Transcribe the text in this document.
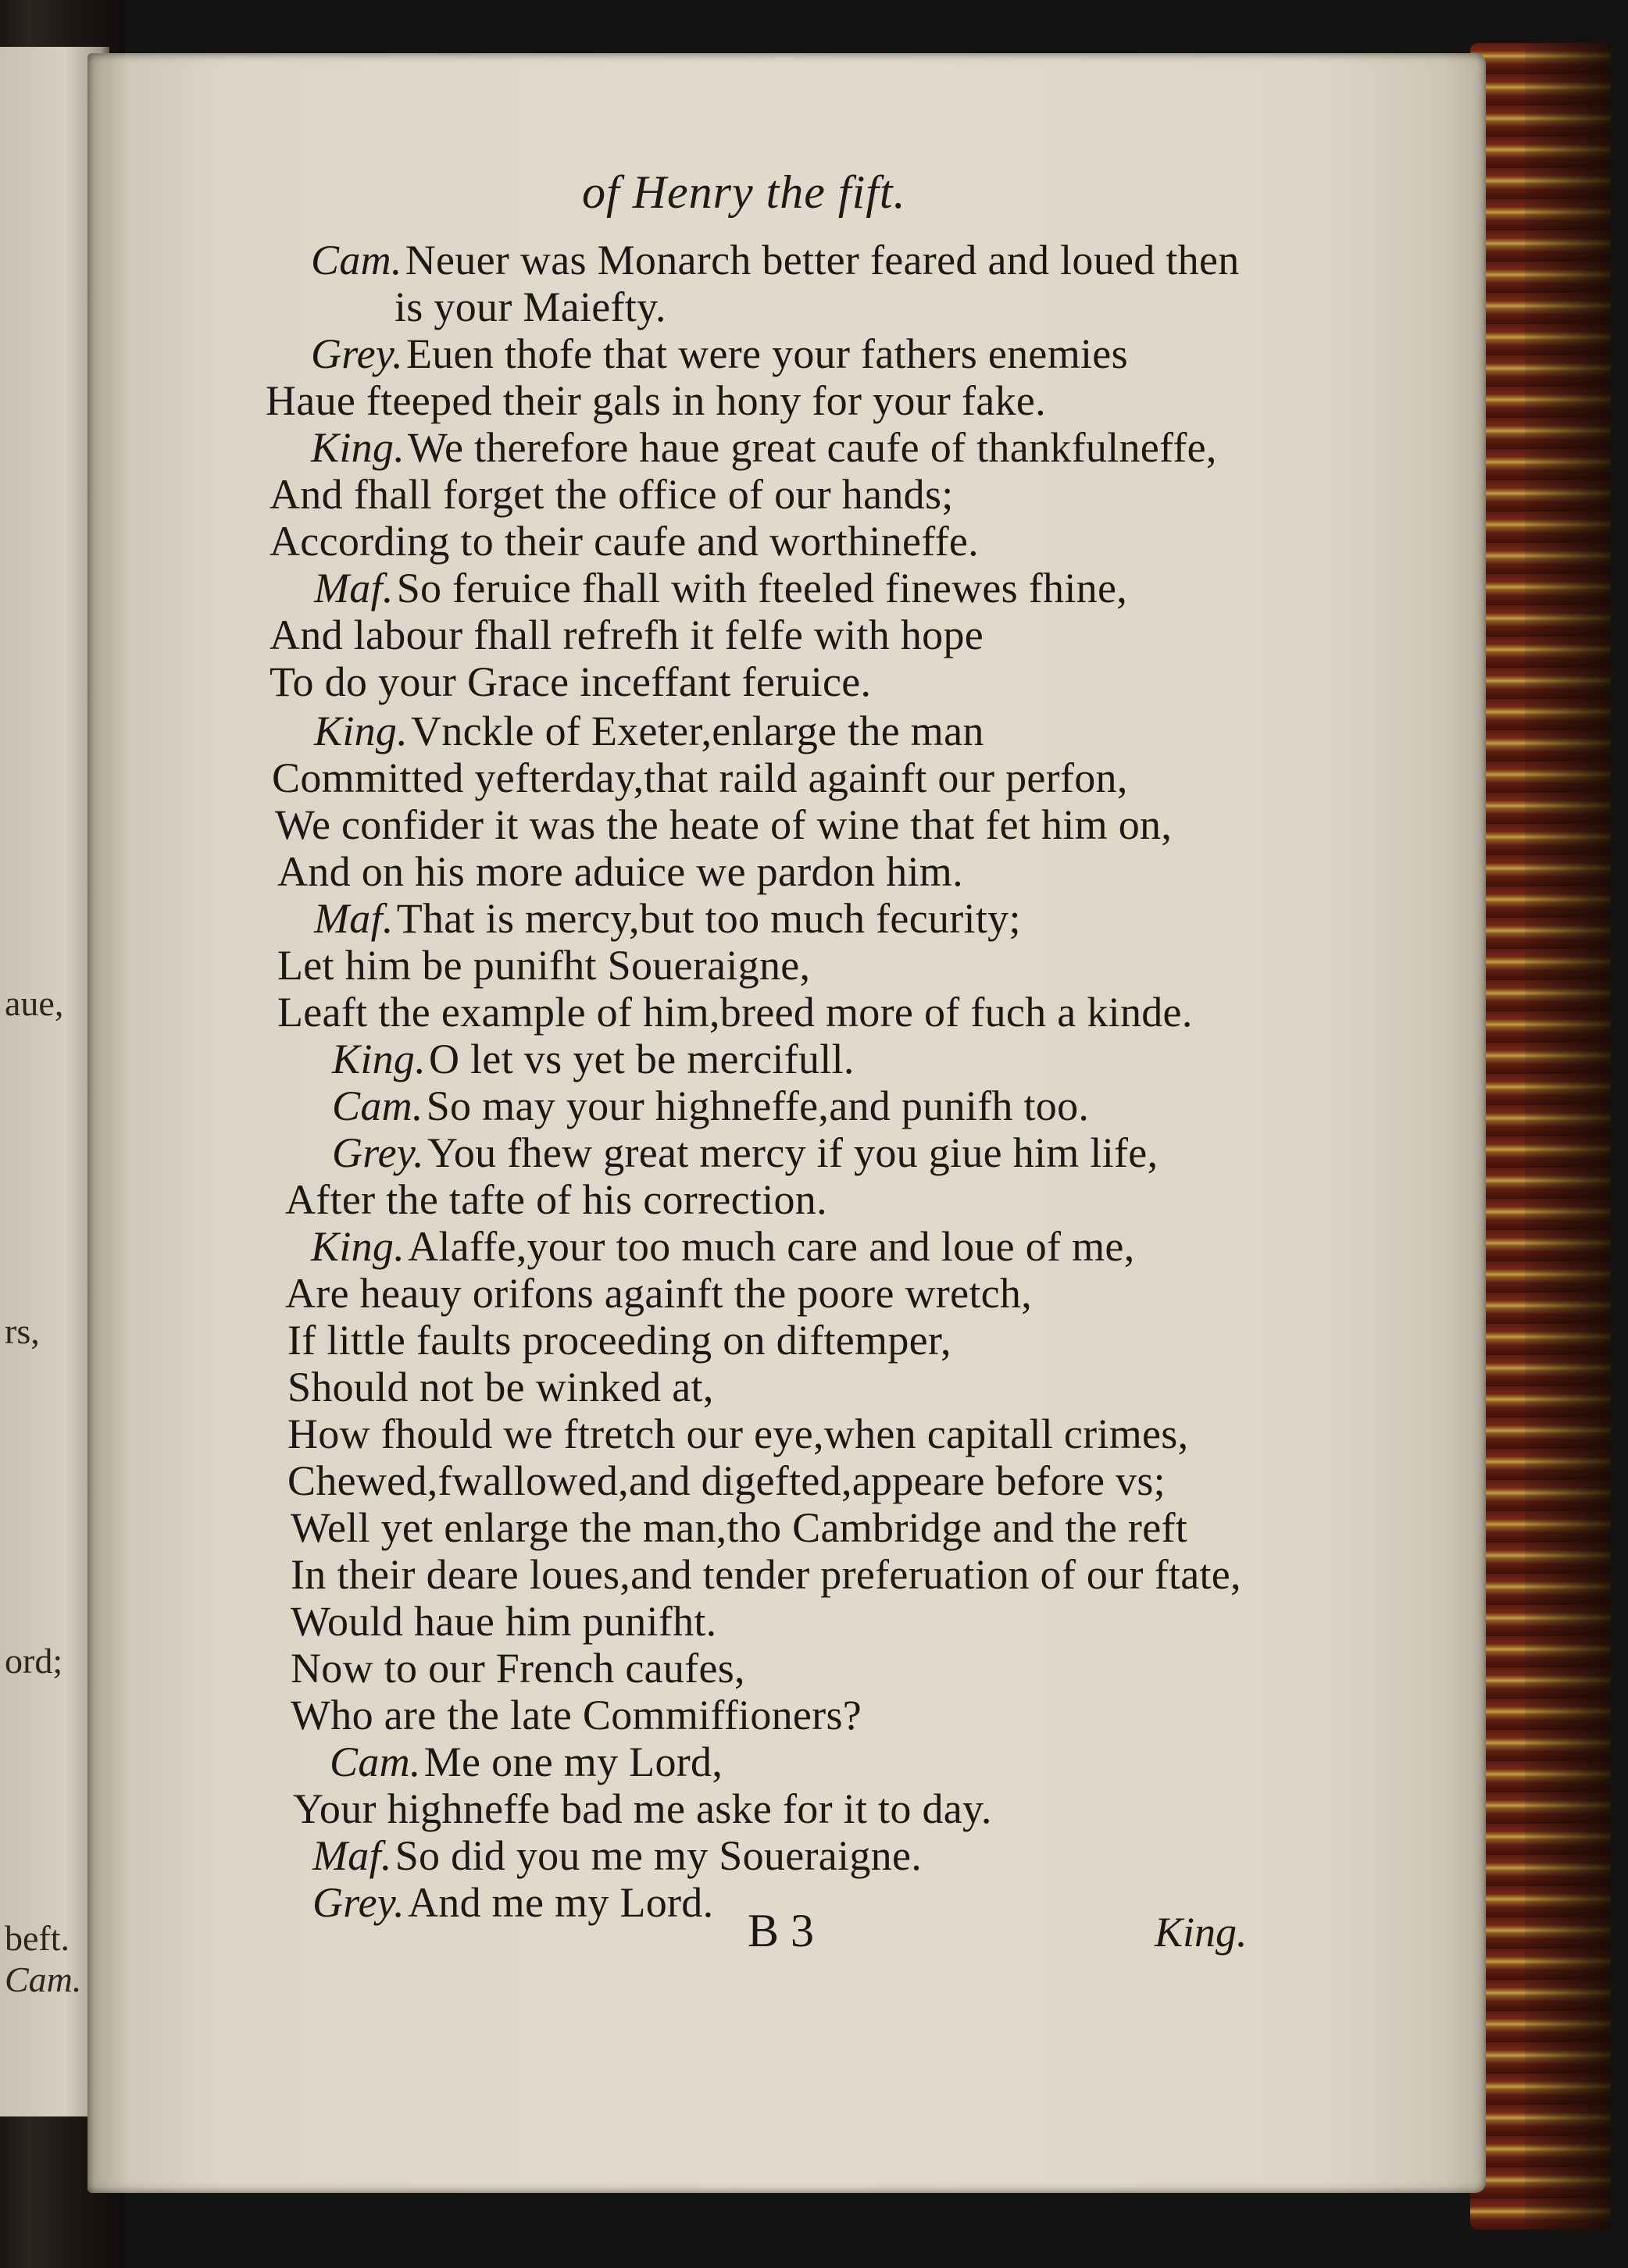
aue,
rs,
ord;
beft.
Cam.
of Henry the fift.
Cam.Neuer was Monarch better feared and loued then
is your Maiefty.
Grey.Euen thofe that were your fathers enemies
Haue fteeped their gals in hony for your fake.
King.We therefore haue great caufe of thankfulneffe,
And fhall forget the office of our hands;
According to their caufe and worthineffe.
Maf.So feruice fhall with fteeled finewes fhine,
And labour fhall refrefh it felfe with hope
To do your Grace inceffant feruice.
King.Vnckle of Exeter,enlarge the man
Committed yefterday,that raild againft our perfon,
We confider it was the heate of wine that fet him on,
And on his more aduice we pardon him.
Maf.That is mercy,but too much fecurity;
Let him be punifht Soueraigne,
Leaft the example of him,breed more of fuch a kinde.
King.O let vs yet be mercifull.
Cam.So may your highneffe,and punifh too.
Grey.You fhew great mercy if you giue him life,
After the tafte of his correction.
King.Alaffe,your too much care and loue of me,
Are heauy orifons againft the poore wretch,
If little faults proceeding on diftemper,
Should not be winked at,
How fhould we ftretch our eye,when capitall crimes,
Chewed,fwallowed,and digefted,appeare before vs;
Well yet enlarge the man,tho Cambridge and the reft
In their deare loues,and tender preferuation of our ftate,
Would haue him punifht.
Now to our French caufes,
Who are the late Commiffioners?
Cam.Me one my Lord,
Your highneffe bad me aske for it to day.
Maf.So did you me my Soueraigne.
Grey.And me my Lord.
B 3	King.
